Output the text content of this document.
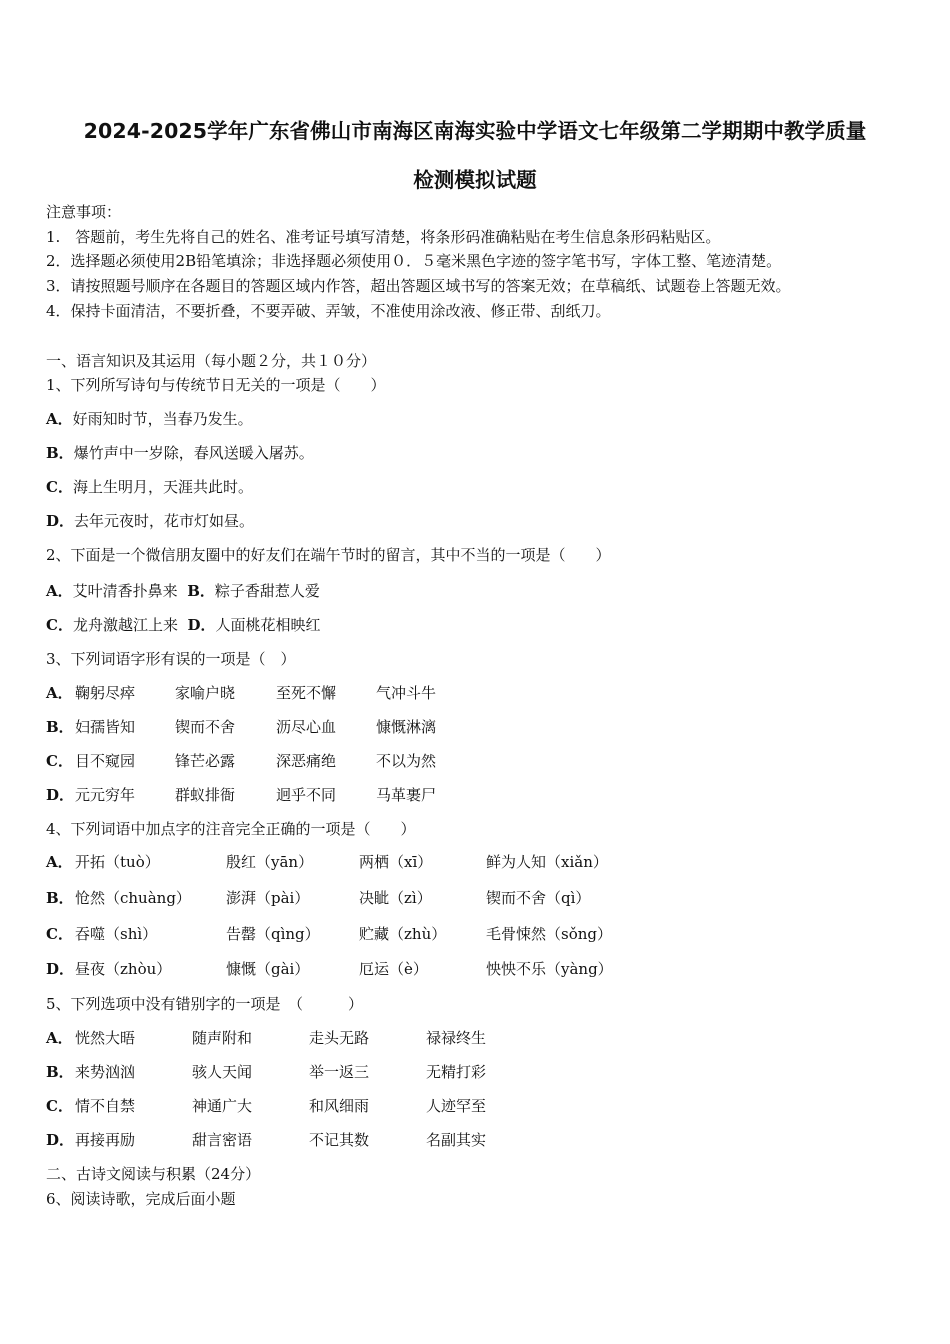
2024-2025学年广东省佛山市南海区南海实验中学语文七年级第二学期期中教学质量
检测模拟试题
注意事项：
1.　答题前，考生先将自己的姓名、准考证号填写清楚，将条形码准确粘贴在考生信息条形码粘贴区。
2．选择题必须使用2B铅笔填涂；非选择题必须使用０．５毫米黑色字迹的签字笔书写，字体工整、笔迹清楚。
3．请按照题号顺序在各题目的答题区域内作答，超出答题区域书写的答案无效；在草稿纸、试题卷上答题无效。
4．保持卡面清洁，不要折叠，不要弄破、弄皱，不准使用涂改液、修正带、刮纸刀。
一、语言知识及其运用（每小题２分，共１０分）
1、下列所写诗句与传统节日无关的一项是（　　）
A．好雨知时节，当春乃发生。
B．爆竹声中一岁除，春风送暖入屠苏。
C．海上生明月，天涯共此时。
D．去年元夜时，花市灯如昼。
2、下面是一个微信朋友圈中的好友们在端午节时的留言，其中不当的一项是（　　）
A．艾叶清香扑鼻来 B．粽子香甜惹人爱
C．龙舟激越江上来 D．人面桃花相映红
3、下列词语字形有误的一项是（　）
A． 鞠躬尽瘁	家喻户晓	至死不懈	气冲斗牛
B． 妇孺皆知	锲而不舍	沥尽心血	慷慨淋漓
C． 目不窥园	锋芒必露	深恶痛绝	不以为然
D． 元元穷年	群蚁排衙	迥乎不同	马革裹尸
4、下列词语中加点字的注音完全正确的一项是（　　）
A． 开拓（tuò）	殷红（yān）	两栖（xī）	鲜为人知（xiǎn）
B． 怆然（chuàng） 澎湃（pài）	决眦（zì）	锲而不舍（qì）
C． 吞噬（shì）	告罄（qìng）	贮藏（zhù）	毛骨悚然（sǒng）
D． 昼夜（zhòu）	慷慨（gài）	厄运（è）	怏怏不乐（yàng）
5、下列选项中没有错别字的一项是　（　　　）
A． 恍然大晤	随声附和	走头无路	禄禄终生
B． 来势汹汹	骇人天闻	举一返三	无精打彩
C． 情不自禁	神通广大	和风细雨	人迹罕至
D． 再接再励	甜言密语	不记其数	名副其实
二、古诗文阅读与积累（24分）
6、阅读诗歌，完成后面小题
